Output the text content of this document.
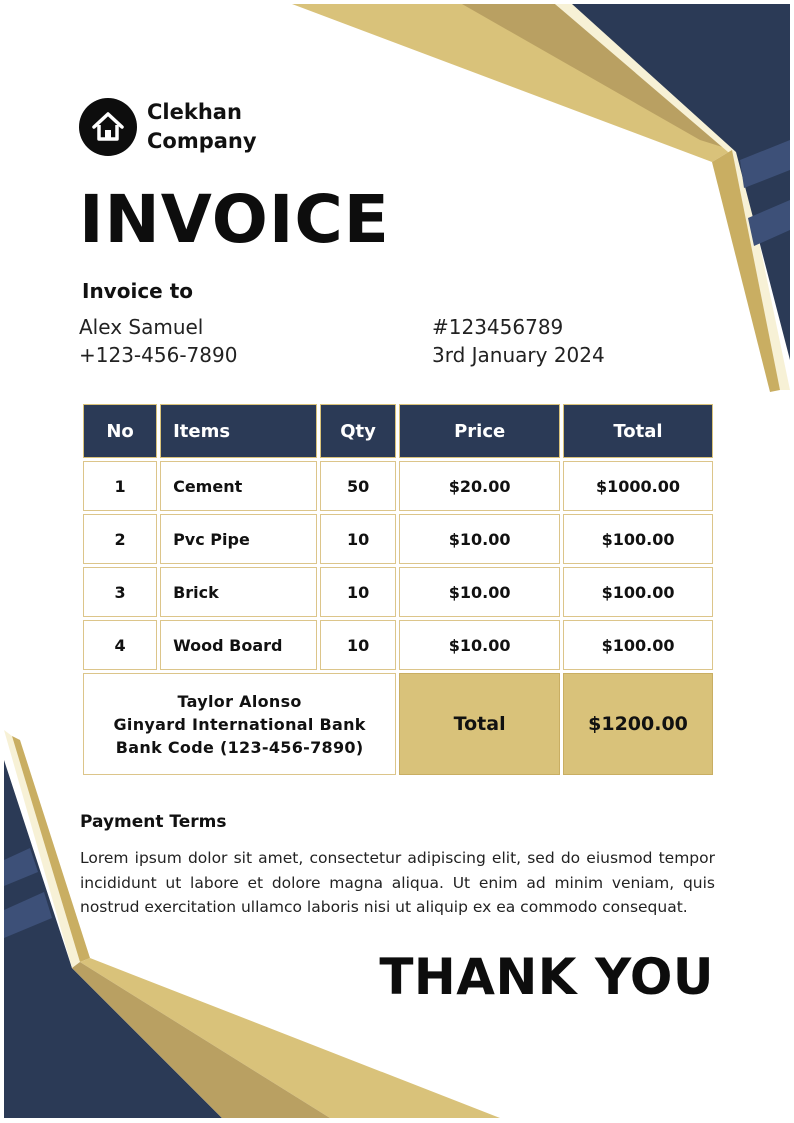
Clekhan
Company
INVOICE
Invoice to
Alex Samuel
+123-456-7890
#123456789
3rd January 2024
No	Items	Qty	Price	Total
1	Cement	50	$20.00	$1000.00
2	Pvc Pipe	10	$10.00	$100.00
3	Brick	10	$10.00	$100.00
4	Wood Board	10	$10.00	$100.00

Taylor Alonso
Ginyard International Bank
Bank Code (123-456-7890)			Total	$1200.00
Payment Terms

Lorem ipsum dolor sit amet, consectetur adipiscing elit, sed do eiusmod tempor incididunt ut labore et dolore magna aliqua. Ut enim ad minim veniam, quis nostrud exercitation ullamco laboris nisi ut aliquip ex ea commodo consequat.

THANK YOU
